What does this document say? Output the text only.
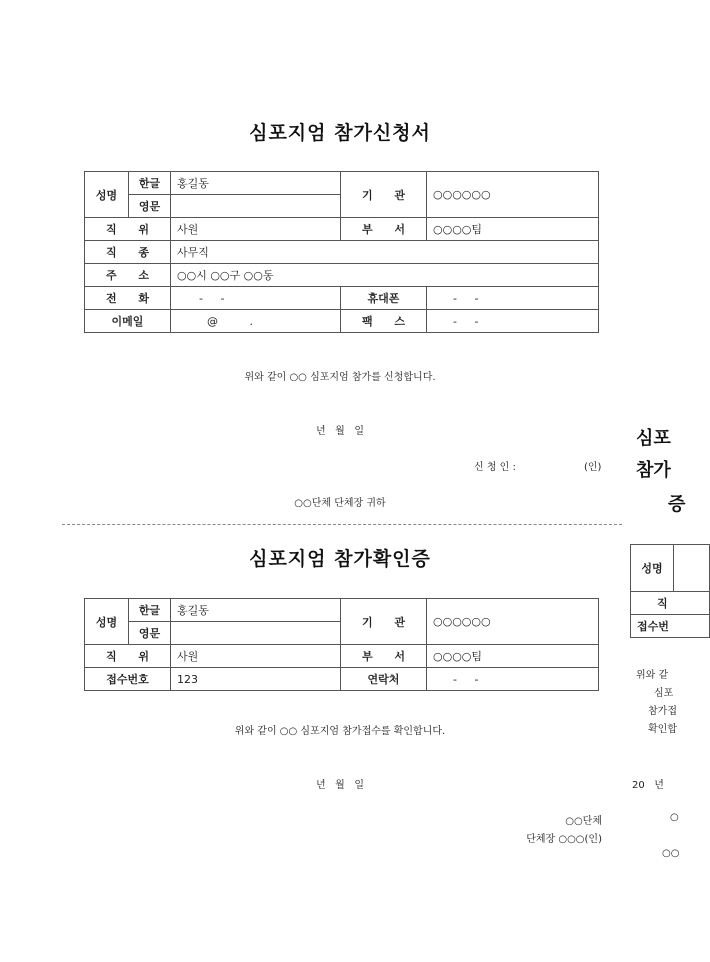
심포지엄 참가신청서
성명	한글	홍길동	기 관	○○○○○○
	영문			
직 위		사원	부 서	○○○○팀
직 종		사무직		
주 소		○○시 ○○구 ○○동		
전 화		- -	휴대폰	- -
이메일		@ .	팩 스	- -
위와 같이 ○○ 심포지엄 참가를 신청합니다.
년   월   일
신 청 인 :	(인)
○○단체 단체장 귀하
심포지엄 참가확인증
성명	한글	홍길동	기 관	○○○○○○
	영문			
직 위		사원	부 서	○○○○팀
접수번호		123	연락처	- -
위와 같이 ○○ 심포지엄 참가접수를 확인합니다.
년   월   일
○○단체
단체장 ○○○(인)
심포
참가
증
성명	
직
접수번
위와 같
심포
참가접
확인합
20   년
○
○○
